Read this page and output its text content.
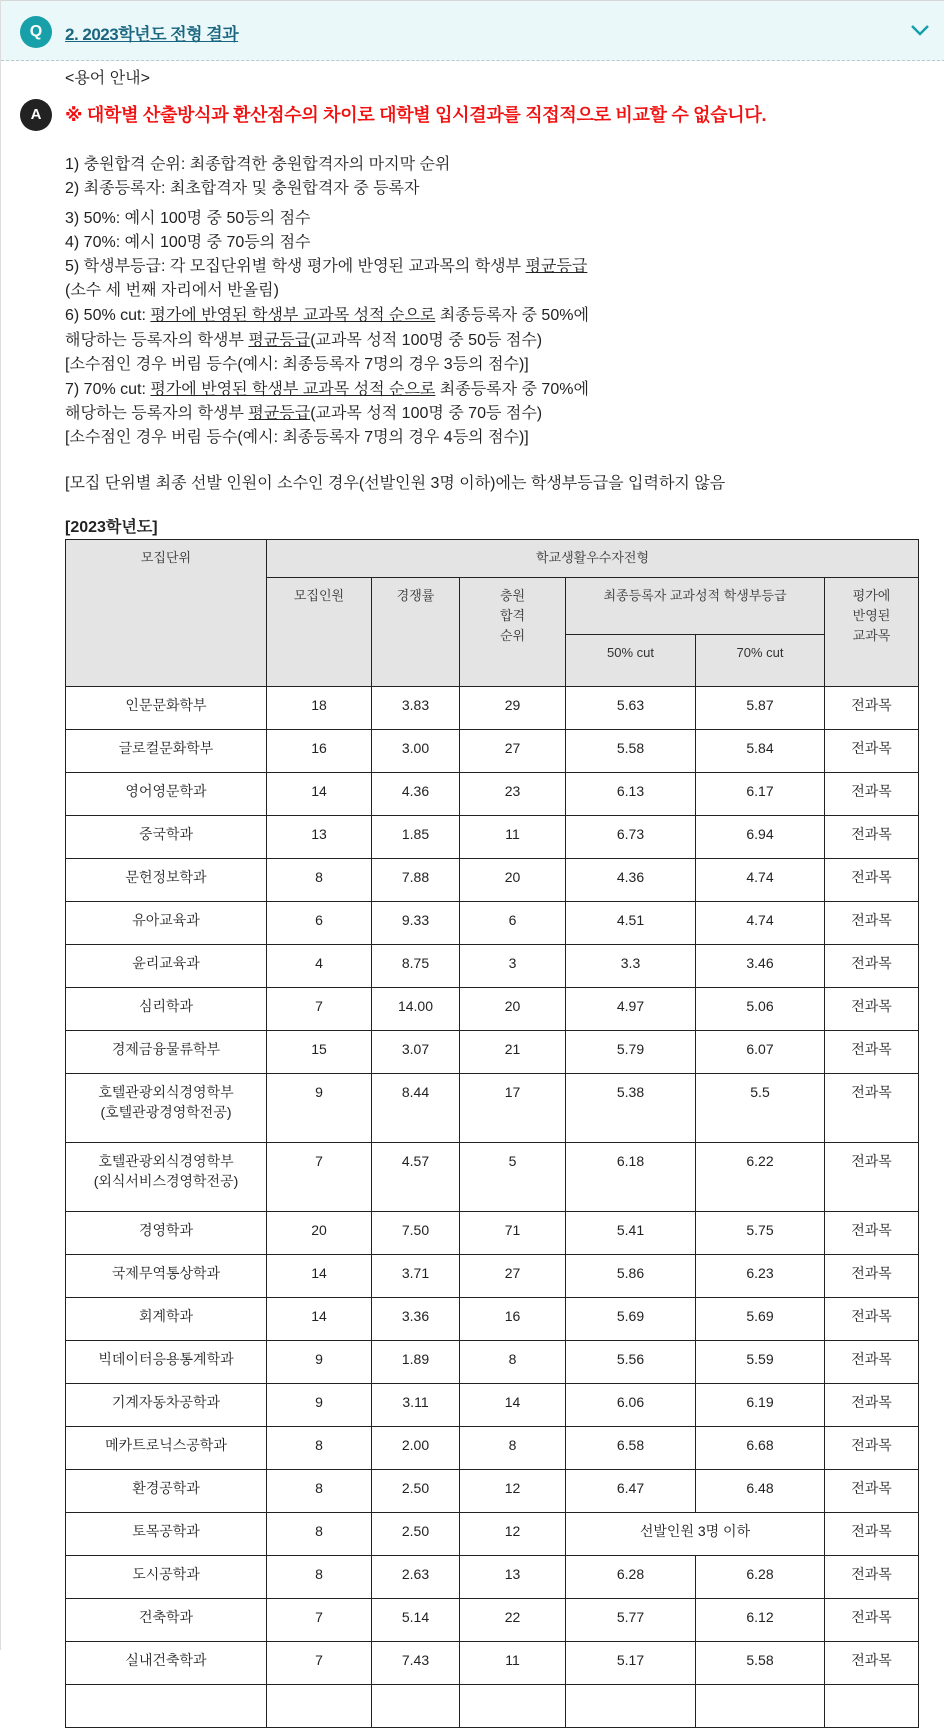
Q	2. 2023학년도 전형 결과
A
<용어 안내>
※ 대학별 산출방식과 환산점수의 차이로 대학별 입시결과를 직접적으로 비교할 수 없습니다.
1) 충원합격 순위: 최종합격한 충원합격자의 마지막 순위
2) 최종등록자: 최초합격자 및 충원합격자 중 등록자
3) 50%: 예시 100명 중 50등의 점수
4) 70%: 예시 100명 중 70등의 점수
5) 학생부등급: 각 모집단위별 학생 평가에 반영된 교과목의 학생부 평균등급
(소수 세 번째 자리에서 반올림)
6) 50% cut: 평가에 반영된 학생부 교과목 성적 순으로 최종등록자 중 50%에
해당하는 등록자의 학생부 평균등급(교과목 성적 100명 중 50등 점수)
[소수점인 경우 버림 등수(예시: 최종등록자 7명의 경우 3등의 점수)]
7) 70% cut: 평가에 반영된 학생부 교과목 성적 순으로 최종등록자 중 70%에
해당하는 등록자의 학생부 평균등급(교과목 성적 100명 중 70등 점수)
[소수점인 경우 버림 등수(예시: 최종등록자 7명의 경우 4등의 점수)]
[모집 단위별 최종 선발 인원이 소수인 경우(선발인원 3명 이하)에는 학생부등급을 입력하지 않음
[2023학년도]
모집단위	학교생활우수자전형					
	모집인원	경쟁률	충원
합격
순위	최종등록자 교과성적 학생부등급		평가에
반영된
교과목
				50% cut	70% cut	
인문문화학부	18	3.83	29	5.63	5.87	전과목
글로컬문화학부	16	3.00	27	5.58	5.84	전과목
영어영문학과	14	4.36	23	6.13	6.17	전과목
중국학과	13	1.85	11	6.73	6.94	전과목
문헌정보학과	8	7.88	20	4.36	4.74	전과목
유아교육과	6	9.33	6	4.51	4.74	전과목
윤리교육과	4	8.75	3	3.3	3.46	전과목
심리학과	7	14.00	20	4.97	5.06	전과목
경제금융물류학부	15	3.07	21	5.79	6.07	전과목
호텔관광외식경영학부
(호텔관광경영학전공)	9	8.44	17	5.38	5.5	전과목
호텔관광외식경영학부
(외식서비스경영학전공)	7	4.57	5	6.18	6.22	전과목
경영학과	20	7.50	71	5.41	5.75	전과목
국제무역통상학과	14	3.71	27	5.86	6.23	전과목
회계학과	14	3.36	16	5.69	5.69	전과목
빅데이터응용통계학과	9	1.89	8	5.56	5.59	전과목
기계자동차공학과	9	3.11	14	6.06	6.19	전과목
메카트로닉스공학과	8	2.00	8	6.58	6.68	전과목
환경공학과	8	2.50	12	6.47	6.48	전과목
토목공학과	8	2.50	12	선발인원 3명 이하		전과목
도시공학과	8	2.63	13	6.28	6.28	전과목
건축학과	7	5.14	22	5.77	6.12	전과목
실내건축학과	7	7.43	11	5.17	5.58	전과목
